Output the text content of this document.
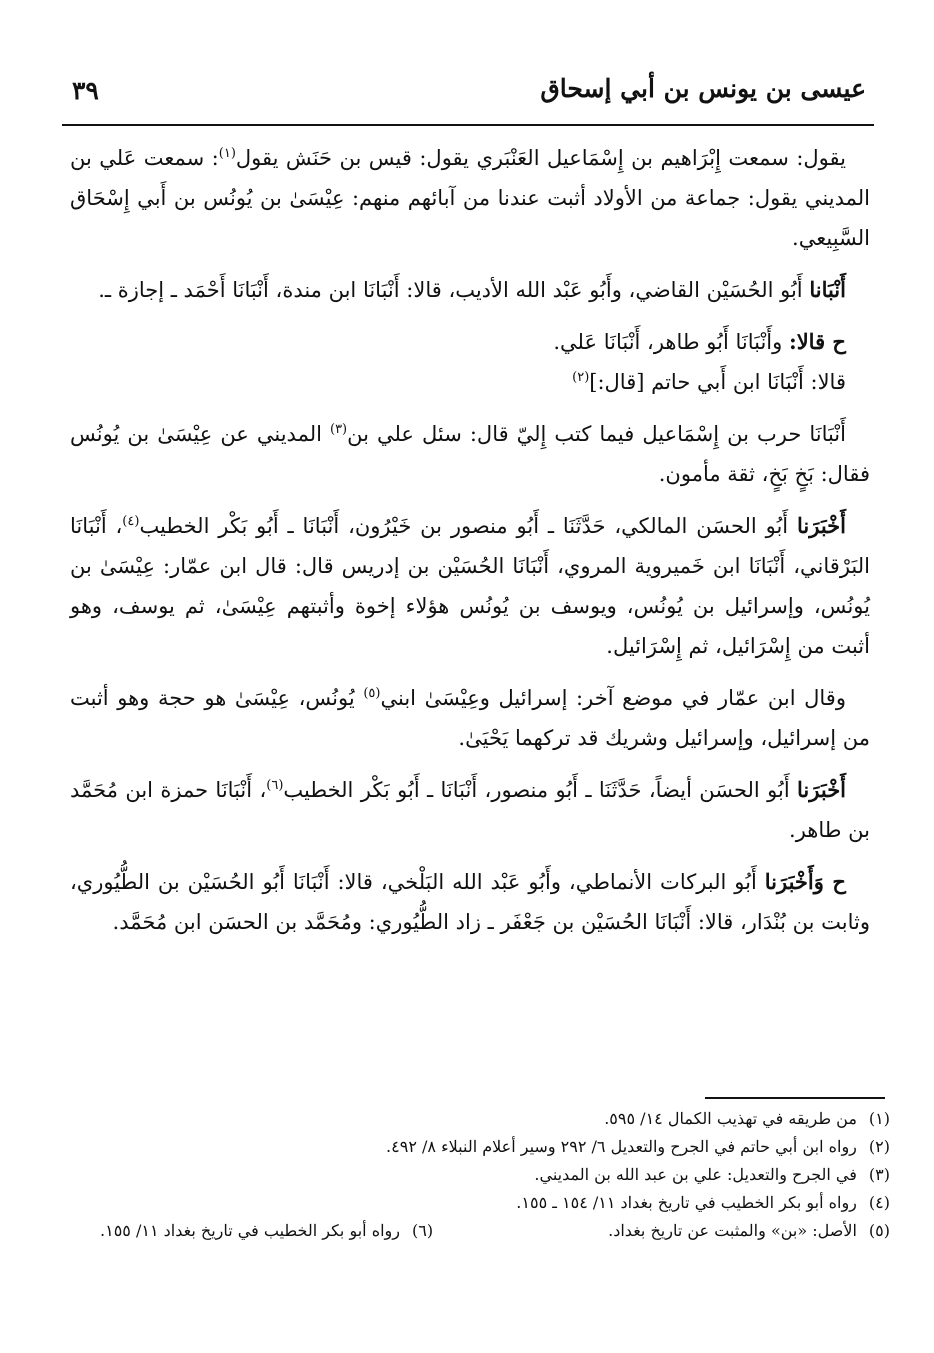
عيسى بن يونس بن أبي إسحاق
٣٩

يقول: سمعت إِبْرَاهيم بن إِسْمَاعيل العَنْبَري يقول: قيس بن حَنَش يقول$^{(١)}$: سمعت عَلي بن المديني يقول: جماعة من الأولاد أثبت عندنا من آبائهم منهم: عِيْسَىٰ بن يُونُس بن أَبي إِسْحَاق السَّبِيعي.

أَنْبَانا أَبُو الحُسَيْن القاضي، وأَبُو عَبْد الله الأديب، قالا: أَنْبَانَا ابن مندة، أَنْبَانَا أَحْمَد ـ إجازة ـ.

ح قالا: وأَنْبَانَا أَبُو طاهر، أَنْبَانَا عَلي.

قالا: أَنْبَانَا ابن أَبي حاتم [قال:]$^{(٢)}$

أَنْبَانَا حرب بن إِسْمَاعيل فيما كتب إِليّ قال: سئل علي بن$^{(٣)}$ المديني عن عِيْسَىٰ بن يُونُس فقال: بَخٍ بَخٍ، ثقة مأمون.

أَخْبَرَنا أَبُو الحسَن المالكي، حَدَّثَنَا ـ أَبُو منصور بن خَيْرُون، أَنْبَانَا ـ أَبُو بَكْر الخطيب$^{(٤)}$، أَنْبَانَا البَرْقاني، أَنْبَانَا ابن خَميروية المروي، أَنْبَانَا الحُسَيْن بن إدريس قال: قال ابن عمّار: عِيْسَىٰ بن يُونُس، وإسرائيل بن يُونُس، ويوسف بن يُونُس هؤلاء إخوة وأثبتهم عِيْسَىٰ، ثم يوسف، وهو أثبت من إِسْرَائيل، ثم إِسْرَائيل.

وقال ابن عمّار في موضع آخر: إسرائيل وعِيْسَىٰ ابني$^{(٥)}$ يُونُس، عِيْسَىٰ هو حجة وهو أثبت من إسرائيل، وإسرائيل وشريك قد تركهما يَحْيَىٰ.

أَخْبَرَنا أَبُو الحسَن أيضاً، حَدَّثَنَا ـ أَبُو منصور، أَنْبَانَا ـ أَبُو بَكْر الخطيب$^{(٦)}$، أَنْبَانَا حمزة ابن مُحَمَّد بن طاهر.

ح وَأَخْبَرَنا أَبُو البركات الأنماطي، وأَبُو عَبْد الله البَلْخي، قالا: أَنْبَانَا أَبُو الحُسَيْن بن الطُّيُوري، وثابت بن بُنْدَار، قالا: أَنْبَانَا الحُسَيْن بن جَعْفَر ـ زاد الطُّيُوري: ومُحَمَّد بن الحسَن ابن مُحَمَّد.

(١) من طريقه في تهذيب الكمال ١٤/ ٥٩٥.
(٢) رواه ابن أبي حاتم في الجرح والتعديل ٦/ ٢٩٢ وسير أعلام النبلاء ٨/ ٤٩٢.
(٣) في الجرح والتعديل: علي بن عبد الله بن المديني.
(٤) رواه أبو بكر الخطيب في تاريخ بغداد ١١/ ١٥٤ ـ ١٥٥.
(٥) الأصل: «بن» والمثبت عن تاريخ بغداد.
(٦) رواه أبو بكر الخطيب في تاريخ بغداد ١١/ ١٥٥.
